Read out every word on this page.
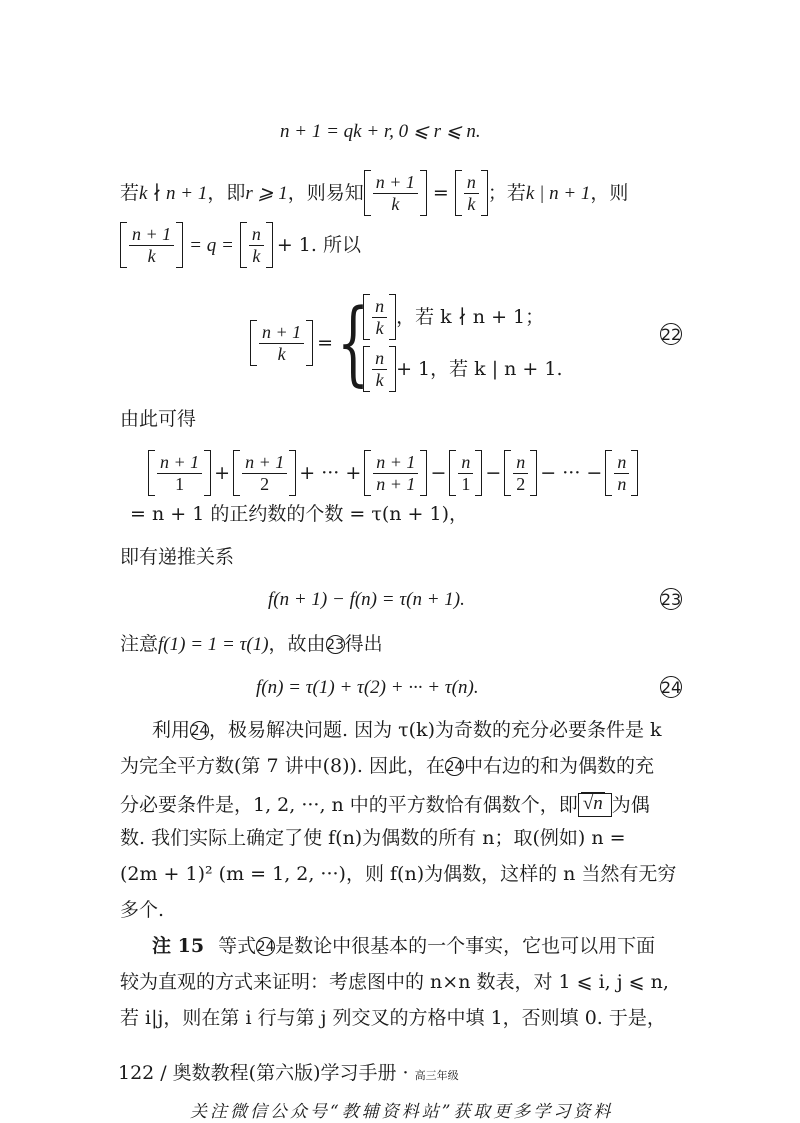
n + 1 = qk + r, 0 ⩽ r ⩽ n.
若 k ∤ n + 1 ，即 r ⩾ 1 ，则易知 $\frac{n + 1}{k} = \frac{n}{k}$ ；若 k | n + 1 ，则
$\frac{n + 1}{k} = q = \frac{n}{k} + 1$. 所以
$\frac{n + 1}{k}$ = { $\frac{n}{k}$ ，若 k ∤ n + 1；
$\frac{n}{k} + 1$，若 k | n + 1.
22
由此可得
$\frac{n + 1}{1} + \frac{n + 1}{2}$ + ··· + $\frac{n + 1}{n + 1} - \frac{n}{1} - \frac{n}{2}$ − ··· − $\frac{n}{n}$
= n + 1 的正约数的个数 = τ(n + 1)，
即有递推关系
f(n + 1) − f(n) = τ(n + 1).	23
注意 f(1) = 1 = τ(1) ，故由 23 得出
f(n) = τ(1) + τ(2) + ··· + τ(n).	24
利用 24 ，极易解决问题. 因为 τ(k)为奇数的充分必要条件是 k
为完全平方数(第 7 讲中(8)). 因此，在 24 中右边的和为偶数的充
分必要条件是，1, 2, ···, n 中的平方数恰有偶数个，即 √n 为偶
数. 我们实际上确定了使 f(n)为偶数的所有 n；取(例如) n =
(2m + 1)² (m = 1, 2, ···)，则 f(n)为偶数，这样的 n 当然有无穷
多个.
注 15 等式 24 是数论中很基本的一个事实，它也可以用下面
较为直观的方式来证明：考虑图中的 n×n 数表，对 1 ⩽ i, j ⩽ n,
若 i|j，则在第 i 行与第 j 列交叉的方格中填 1，否则填 0. 于是，
122 / 奥数教程(第六版)学习手册 · 高三年级
关注微信公众号“教辅资料站”获取更多学习资料
